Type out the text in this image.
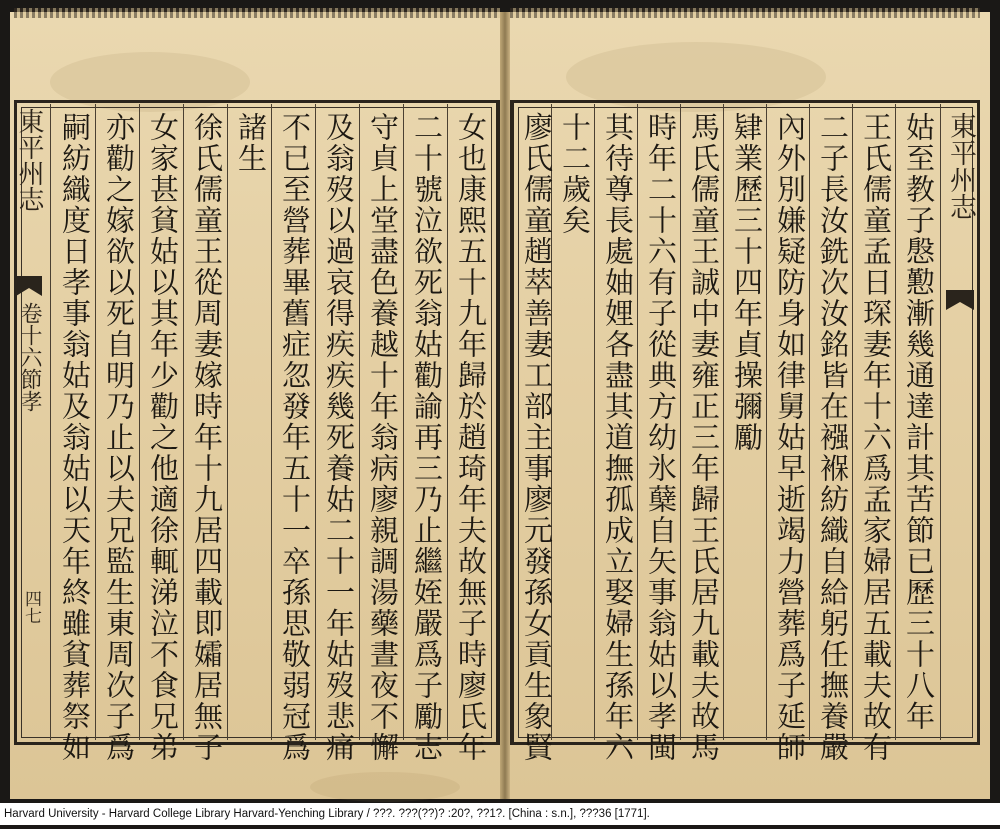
東平州志
卷十六節孝
四七	女也康熙五十九年歸於趙琦年夫故無子時廖氏年
二十號泣欲死翁姑勸諭再三乃止繼姪嚴爲子勵志
守貞上堂盡色養越十年翁病廖親調湯藥晝夜不懈
及翁歿以過哀得疾疾幾死養姑二十一年姑歿悲痛
不已至營葬畢舊症忽發年五十一卒孫思敬弱冠爲
諸生
徐氏儒童王從周妻嫁時年十九居四載即孀居無子
女家甚貧姑以其年少勸之他適徐輒涕泣不食兄弟
亦勸之嫁欲以死自明乃止以夫兄監生東周次子爲
嗣紡織度日孝事翁姑及翁姑以天年終雖貧葬祭如	東平州志
姑至教子慇懃漸幾通達計其苦節已歷三十八年
王氏儒童孟日琛妻年十六爲孟家婦居五載夫故有
二子長汝銑次汝銘皆在襁褓紡織自給躬任撫養嚴
內外別嫌疑防身如律舅姑早逝竭力營葬爲子延師
肄業歷三十四年貞操彌勵
馬氏儒童王誠中妻雍正三年歸王氏居九載夫故馬
時年二十六有子從典方幼氷蘖自矢事翁姑以孝閩
其待尊長處妯娌各盡其道撫孤成立娶婦生孫年六
十二歲矣
廖氏儒童趙萃善妻工部主事廖元發孫女貢生象賢
Harvard University - Harvard College Library Harvard-Yenching Library / ???. ???(??)? :20?, ??1?. [China : s.n.], ???36 [1771].
